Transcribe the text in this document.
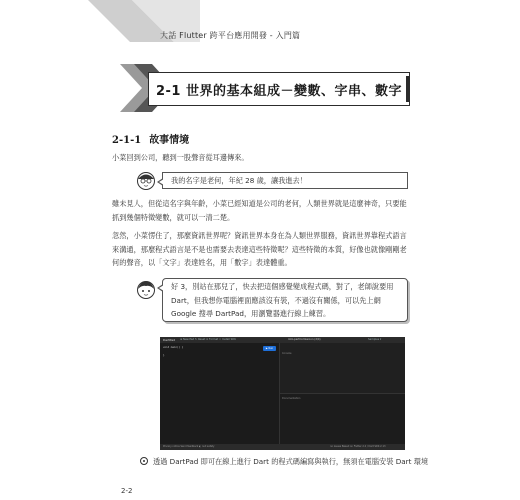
大話 Flutter 跨平台應用開發 - 入門篇
2-1 世界的基本組成－變數、字串、數字
2-1-1 故事情境
小菜回到公司，聽到一股聲音從耳邊傳來。
我的名字是老何，年紀 28 歲，讓我進去！
雖未見人，但從這名字與年齡，小菜已經知道是公司的老何，人類世界就是這麼神奇，只要能抓到幾個特徵變數，就可以一清二楚。
忽然，小菜愣住了，那麼資訊世界呢？資訊世界本身在為人類世界服務，資訊世界靠程式語言來溝通，那麼程式語言是不是也需要去表達這些特徵呢？這些特徵的本質，好像也就像剛剛老何的聲音，以「文字」表達姓名，用「數字」表達體重。
好 3，別站在那兒了，快去把這個感覺變成程式碼，對了，老師說要用 Dart，但我想你電腦裡面應該沒有裝，不過沒有關係，可以先上網 Google 搜尋 DartPad，用瀏覽器進行線上練習。
DartPad ⊕ New Pad ↻ Reset ≡ Format ⇩ Install SDK	lollo.pertComlaroon (2/4)	Samples ▾
void main() {

}
▶ Run
Console
Documentation
Privacy notice Send feedback ◐ null safety	no issues Based on Flutter 2.2 / Dart SDK 2.13
透過 DartPad 即可在線上進行 Dart 的程式碼編寫與執行，無須在電腦安裝 Dart 環境
2-2
